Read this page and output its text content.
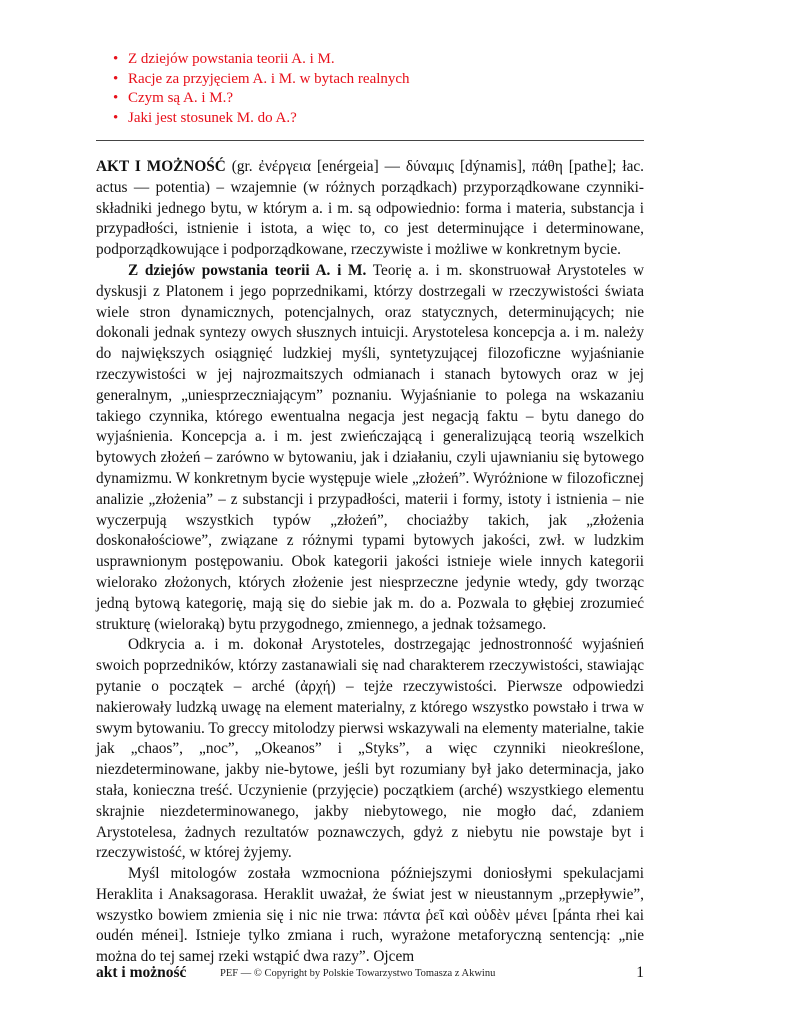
• Z dziejów powstania teorii A. i M.
• Racje za przyjęciem A. i M. w bytach realnych
• Czym są A. i M.?
• Jaki jest stosunek M. do A.?

AKT I MOŻNOŚĆ (gr. ἐνέργεια [enérgeia] — δύναμις [dýnamis], πάθη [pathe]; łac. actus — potentia) – wzajemnie (w różnych porządkach) przyporządkowane czynniki-składniki jednego bytu, w którym a. i m. są odpowiednio: forma i materia, substancja i przypadłości, istnienie i istota, a więc to, co jest determinujące i determinowane, podporządkowujące i podporządkowane, rzeczywiste i możliwe w konkretnym bycie.

Z dziejów powstania teorii A. i M. Teorię a. i m. skonstruował Arystoteles w dyskusji z Platonem i jego poprzednikami, którzy dostrzegali w rzeczywistości świata wiele stron dynamicznych, potencjalnych, oraz statycznych, determinujących; nie dokonali jednak syntezy owych słusznych intuicji. Arystotelesa koncepcja a. i m. należy do największych osiągnięć ludzkiej myśli, syntetyzującej filozoficzne wyjaśnianie rzeczywistości w jej najrozmaitszych odmianach i stanach bytowych oraz w jej generalnym, „uniesprzeczniającym” poznaniu. Wyjaśnianie to polega na wskazaniu takiego czynnika, którego ewentualna negacja jest negacją faktu – bytu danego do wyjaśnienia. Koncepcja a. i m. jest zwieńczającą i generalizującą teorią wszelkich bytowych złożeń – zarówno w bytowaniu, jak i działaniu, czyli ujawnianiu się bytowego dynamizmu. W konkretnym bycie występuje wiele „złożeń”. Wyróżnione w filozoficznej analizie „złożenia” – z substancji i przypadłości, materii i formy, istoty i istnienia – nie wyczerpują wszystkich typów „złożeń”, chociażby takich, jak „złożenia doskonałościowe”, związane z różnymi typami bytowych jakości, zwł. w ludzkim usprawnionym postępowaniu. Obok kategorii jakości istnieje wiele innych kategorii wielorako złożonych, których złożenie jest niesprzeczne jedynie wtedy, gdy tworząc jedną bytową kategorię, mają się do siebie jak m. do a. Pozwala to głębiej zrozumieć strukturę (wieloraką) bytu przygodnego, zmiennego, a jednak tożsamego.

Odkrycia a. i m. dokonał Arystoteles, dostrzegając jednostronność wyjaśnień swoich poprzedników, którzy zastanawiali się nad charakterem rzeczywistości, stawiając pytanie o początek – arché (ἀρχή) – tejże rzeczywistości. Pierwsze odpowiedzi nakierowały ludzką uwagę na element materialny, z którego wszystko powstało i trwa w swym bytowaniu. To greccy mitolodzy pierwsi wskazywali na elementy materialne, takie jak „chaos”, „noc”, „Okeanos” i „Styks”, a więc czynniki nieokreślone, niezdeterminowane, jakby nie-bytowe, jeśli byt rozumiany był jako determinacja, jako stała, konieczna treść. Uczynienie (przyjęcie) początkiem (arché) wszystkiego elementu skrajnie niezdeterminowanego, jakby niebytowego, nie mogło dać, zdaniem Arystotelesa, żadnych rezultatów poznawczych, gdyż z niebytu nie powstaje byt i rzeczywistość, w której żyjemy.

Myśl mitologów została wzmocniona późniejszymi doniosłymi spekulacjami Heraklita i Anaksagorasa. Heraklit uważał, że świat jest w nieustannym „przepływie”, wszystko bowiem zmienia się i nic nie trwa: πάντα ῥεῖ καὶ οὐδὲν μένει [pánta rhei kai oudén ménei]. Istnieje tylko zmiana i ruch, wyrażone metaforyczną sentencją: „nie można do tej samej rzeki wstąpić dwa razy”. Ojcem

akt i możność	PEF — © Copyright by Polskie Towarzystwo Tomasza z Akwinu	1
